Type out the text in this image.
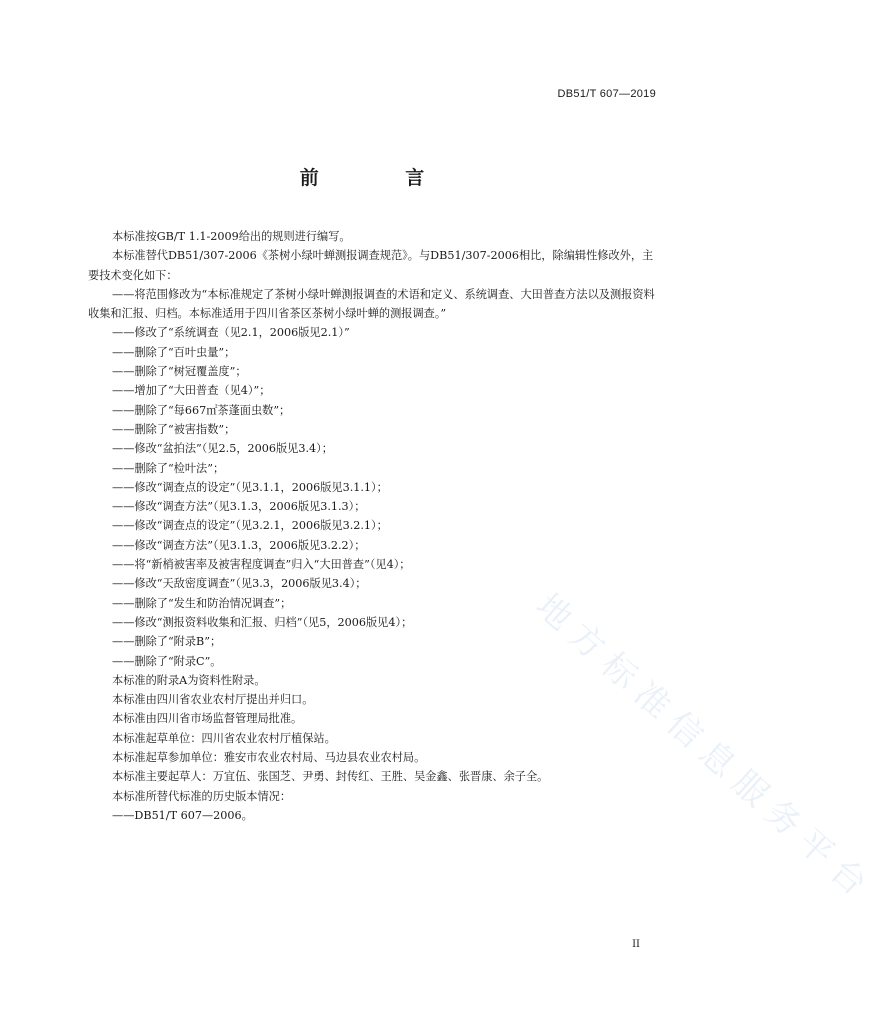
DB51/T 607—2019
前 言

本标准按GB/T 1.1-2009给出的规则进行编写。

本标准替代DB51/307-2006《茶树小绿叶蝉测报调查规范》。与DB51/307-2006相比，除编辑性修改外，主要技术变化如下：

——将范围修改为“本标准规定了茶树小绿叶蝉测报调查的术语和定义、系统调查、大田普查方法以及测报资料收集和汇报、归档。本标准适用于四川省茶区茶树小绿叶蝉的测报调查。”

——修改了“系统调查（见2.1，2006版见2.1）”

——删除了“百叶虫量”；

——删除了“树冠覆盖度”；

——增加了“大田普查（见4）”；

——删除了“每667㎡茶蓬面虫数”；

——删除了“被害指数”；

——修改“盆拍法”（见2.5，2006版见3.4）；

——删除了“检叶法”；

——修改“调查点的设定”（见3.1.1，2006版见3.1.1）；

——修改“调查方法”（见3.1.3，2006版见3.1.3）；

——修改“调查点的设定”（见3.2.1，2006版见3.2.1）；

——修改“调查方法”（见3.1.3，2006版见3.2.2）；

——将“新梢被害率及被害程度调查”归入“大田普查”（见4）；

——修改“天敌密度调查”（见3.3，2006版见3.4）；

——删除了“发生和防治情况调查”；

——修改“测报资料收集和汇报、归档”（见5，2006版见4）；

——删除了“附录B”；

——删除了“附录C”。

本标准的附录A为资料性附录。

本标准由四川省农业农村厅提出并归口。

本标准由四川省市场监督管理局批准。

本标准起草单位：四川省农业农村厅植保站。

本标准起草参加单位：雅安市农业农村局、马边县农业农村局。

本标准主要起草人：万宜伍、张国芝、尹勇、封传红、王胜、吴金鑫、张晋康、余子全。

本标准所替代标准的历史版本情况：

——DB51/T 607—2006。	地方标准信息服务平台
II
